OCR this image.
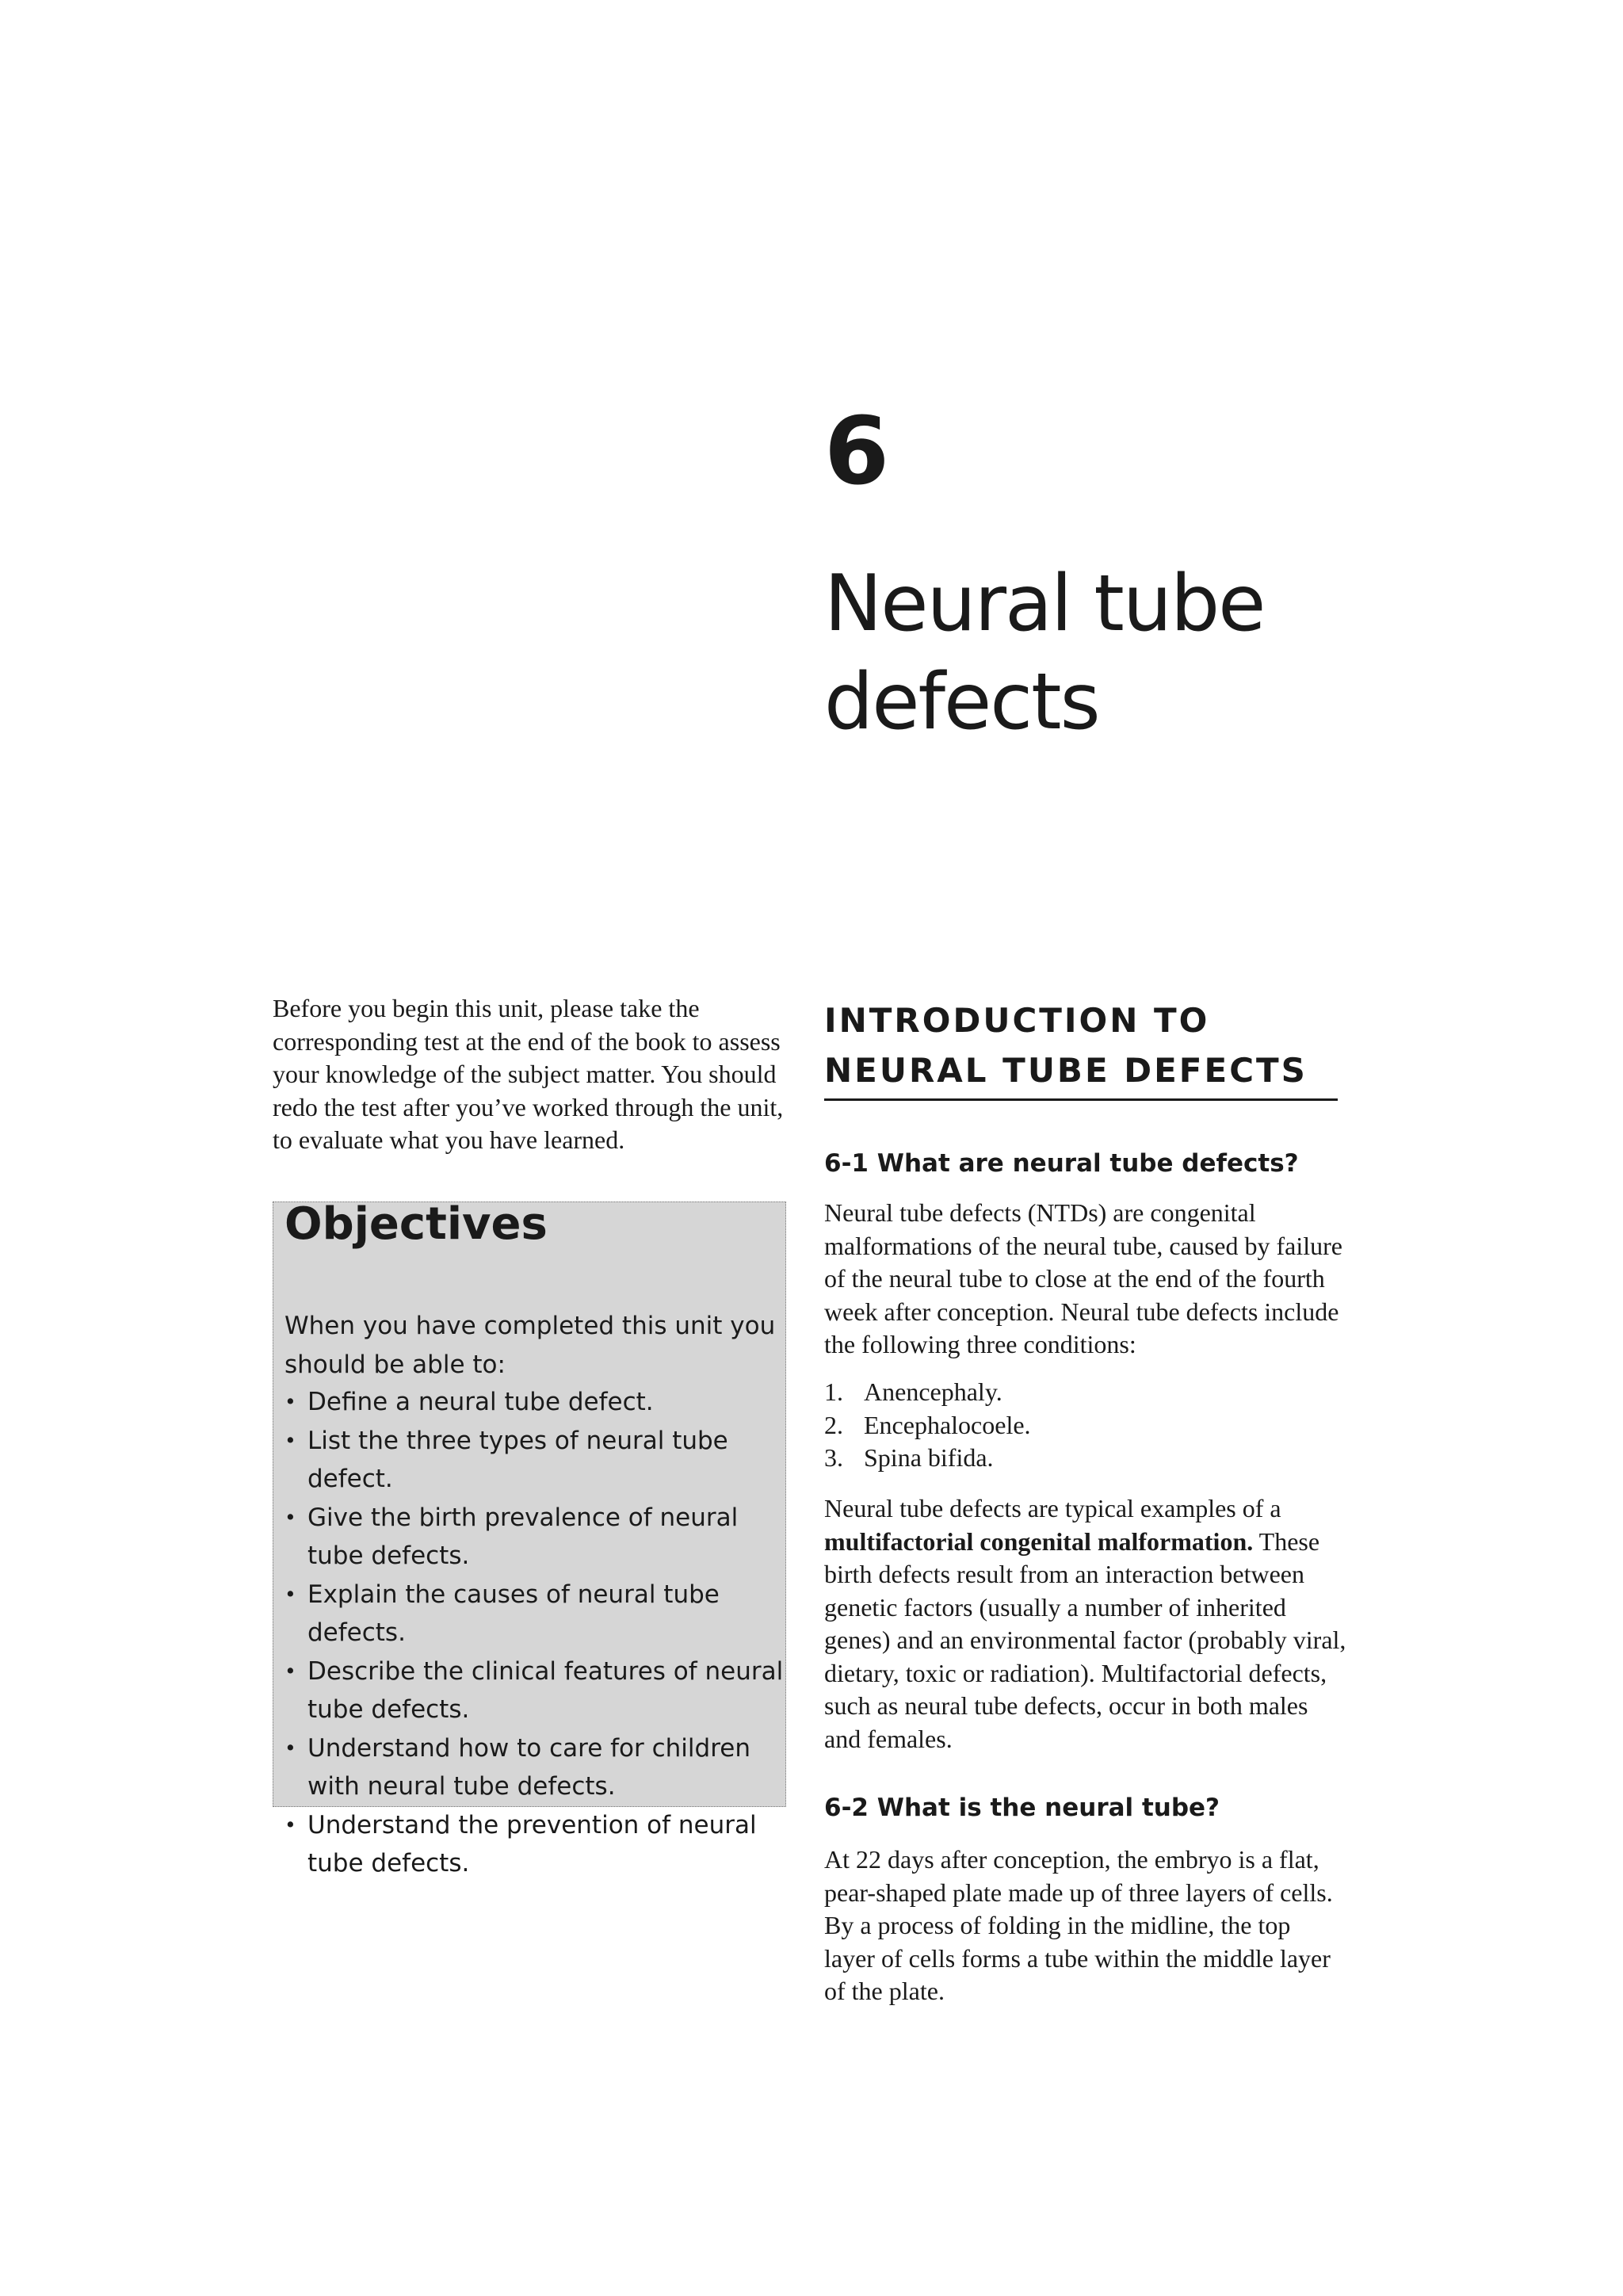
6
Neural tube defects
Before you begin this unit, please take the corresponding test at the end of the book to assess your knowledge of the subject matter. You should redo the test after you’ve worked through the unit, to evaluate what you have learned.
Objectives
When you have completed this unit you should be able to:
• Define a neural tube defect.
• List the three types of neural tube defect.
• Give the birth prevalence of neural tube defects.
• Explain the causes of neural tube defects.
• Describe the clinical features of neural tube defects.
• Understand how to care for children with neural tube defects.
• Understand the prevention of neural tube defects.
INTRODUCTION TO
NEURAL TUBE DEFECTS
6-1 What are neural tube defects?
Neural tube defects (NTDs) are congenital malformations of the neural tube, caused by failure of the neural tube to close at the end of the fourth week after conception. Neural tube defects include the following three conditions:
1. Anencephaly.
2. Encephalocoele.
3. Spina bifida.
Neural tube defects are typical examples of a multifactorial congenital malformation. These birth defects result from an interaction between genetic factors (usually a number of inherited genes) and an environmental factor (probably viral, dietary, toxic or radiation). Multifactorial defects, such as neural tube defects, occur in both males and females.
6-2 What is the neural tube?
At 22 days after conception, the embryo is a flat, pear-shaped plate made up of three layers of cells. By a process of folding in the midline, the top layer of cells forms a tube within the middle layer of the plate.
